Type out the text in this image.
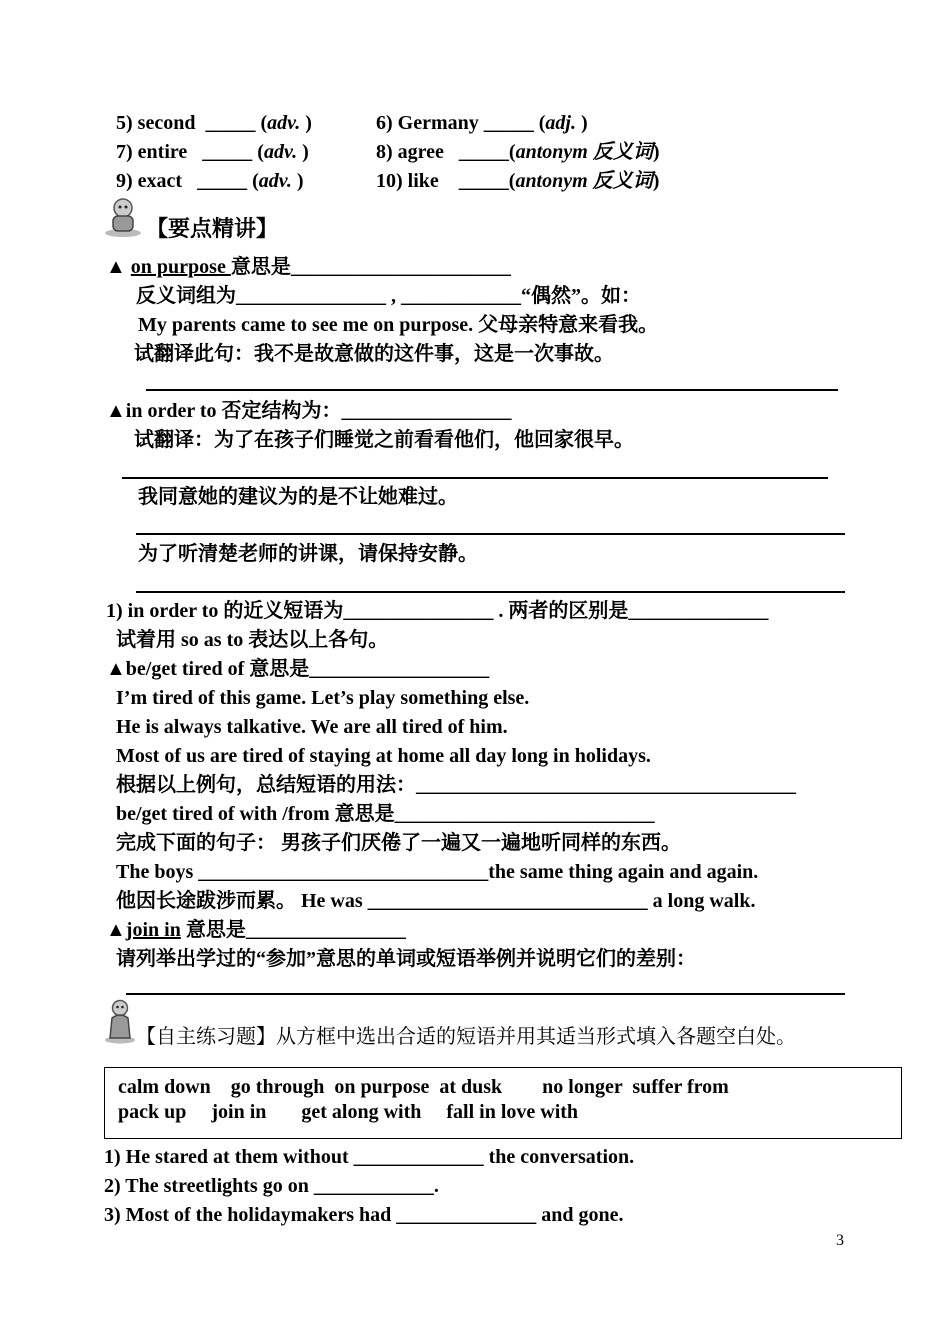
5) second  _____ (adv. )	6) Germany _____ (adj. )
7) entire   _____ (adv. )	8) agree   _____(antonym 反义词)
9) exact   _____ (adv. )	10) like    _____(antonym 反义词)
【要点精讲】
▲ on purpose 意思是______________________
反义词组为_______________ , ____________“偶然”。如：
My parents came to see me on purpose. 父母亲特意来看我。
试翻译此句：我不是故意做的这件事，这是一次事故。
▲in order to 否定结构为：_________________
试翻译：为了在孩子们睡觉之前看看他们，他回家很早。
我同意她的建议为的是不让她难过。
为了听清楚老师的讲课，请保持安静。
1) in order to 的近义短语为_______________ . 两者的区别是______________
试着用 so as to 表达以上各句。
▲be/get tired of 意思是__________________
I’m tired of this game. Let’s play something else.
He is always talkative. We are all tired of him.
Most of us are tired of staying at home all day long in holidays.
根据以上例句，总结短语的用法：______________________________________
be/get tired of with /from 意思是__________________________
完成下面的句子： 男孩子们厌倦了一遍又一遍地听同样的东西。
The boys _____________________________the same thing again and again.
他因长途跋涉而累。 He was ____________________________ a long walk.
▲join in 意思是________________
请列举出学过的“参加”意思的单词或短语举例并说明它们的差别：
【自主练习题】从方框中选出合适的短语并用其适当形式填入各题空白处。
calm down    go through  on purpose  at dusk        no longer  suffer from
pack up     join in       get along with     fall in love with
1) He stared at them without _____________ the conversation.
2) The streetlights go on ____________.
3) Most of the holidaymakers had ______________ and gone.
3
